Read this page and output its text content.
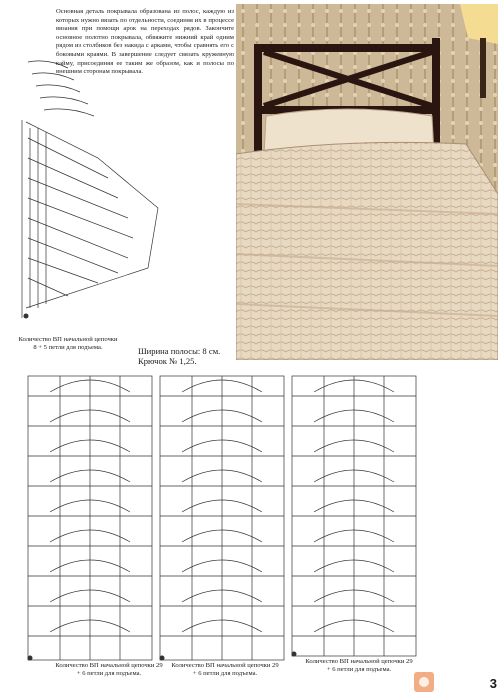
Основная деталь покрывала образована из полос, каждую из которых нужно вязать по отдельности, соединяя их в процессе вязания при помощи арок на переходах рядов. Закончите основное полотно покрывала, обвяжите нижний край одним рядом из столбиков без накида с арками, чтобы сравнять его с боковыми краями. В завершение следует связать кружевную кайму, присоединяя ее таким же образом, как и полосы по внешним сторонам покрывала.

Количество ВП начальной цепочки 8 + 5 петли для подъема.	Ширина полосы: 8 см.
Крючок № 1,25.

Количество ВП начальной цепочки 29 + 6 петли для подъема.

Количество ВП начальной цепочки 29 + 6 петли для подъема.

Количество ВП начальной цепочки 29 + 6 петли для подъема.

3
